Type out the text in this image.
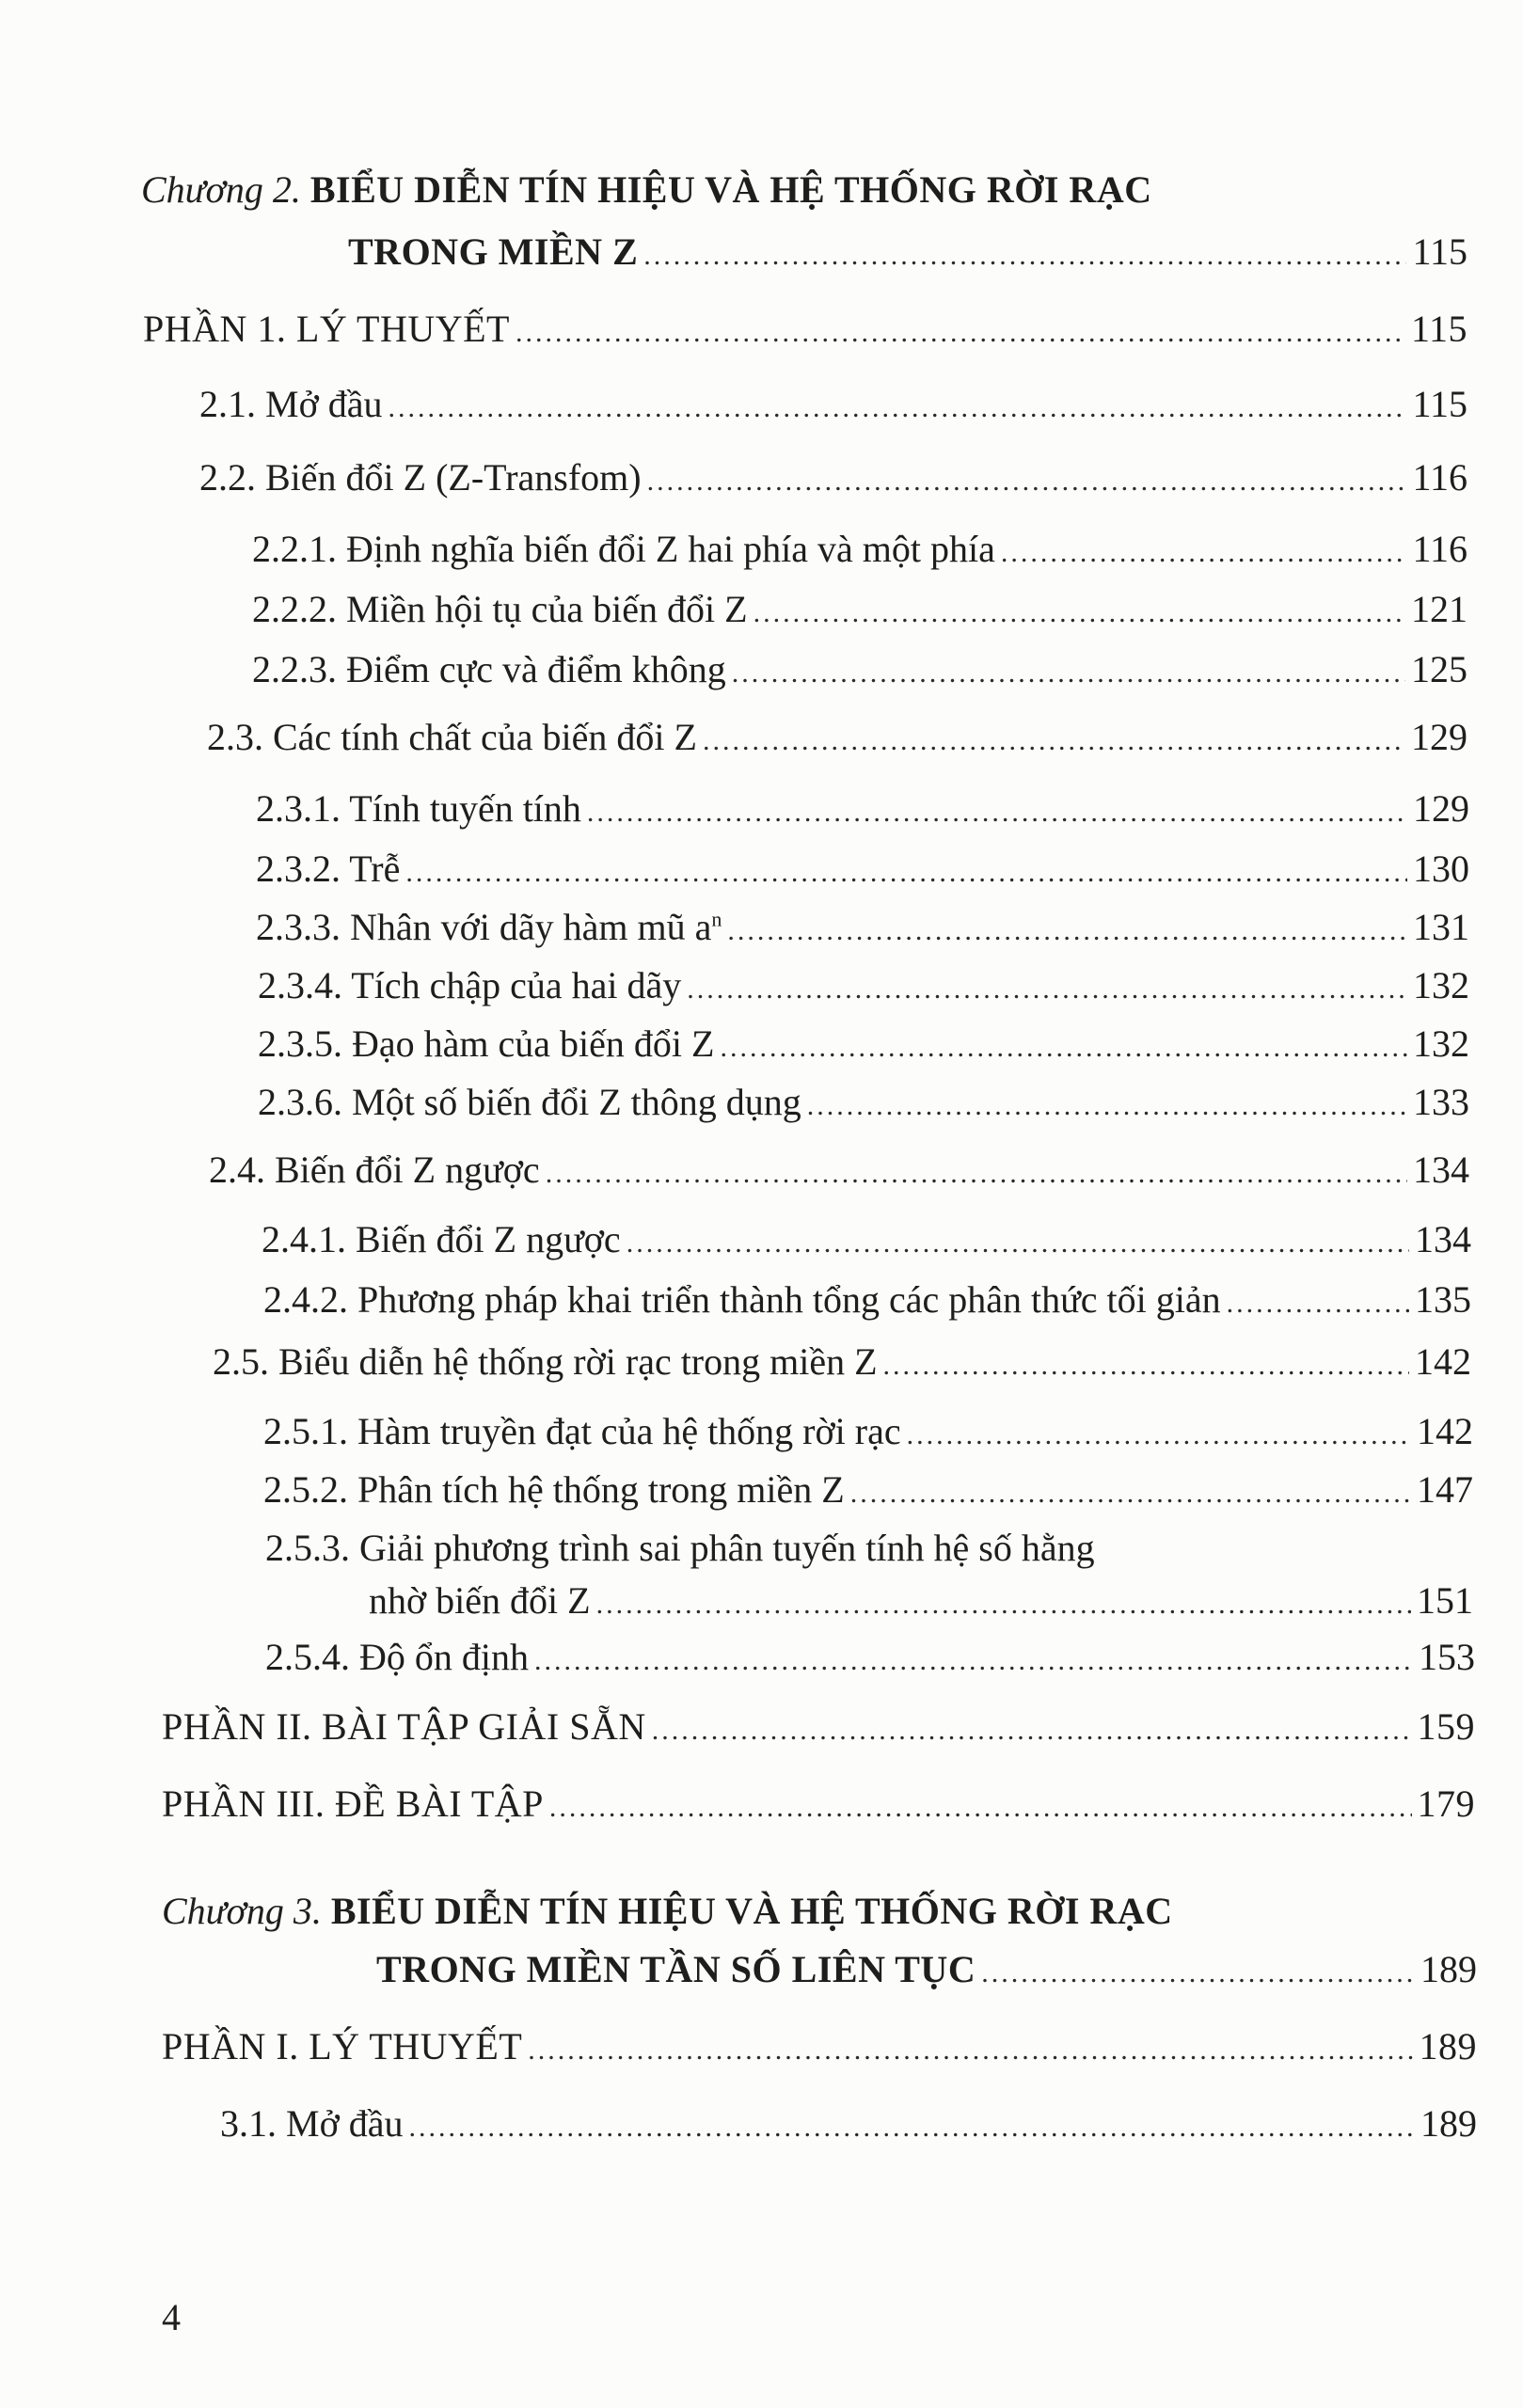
Chương 2. BIỂU DIỄN TÍN HIỆU VÀ HỆ THỐNG RỜI RẠC
TRONG MIỀN Z .....	115
PHẦN 1. LÝ THUYẾT .....	115
2.1. Mở đầu .....	115
2.2. Biến đổi Z (Z-Transfom) .....	116
2.2.1. Định nghĩa biến đổi Z hai phía và một phía .....	116
2.2.2. Miền hội tụ của biến đổi Z .....	121
2.2.3. Điểm cực và điểm không .....	125
2.3. Các tính chất của biến đổi Z .....	129
2.3.1. Tính tuyến tính .....	129
2.3.2. Trễ .....	130
2.3.3. Nhân với dãy hàm mũ $a^n$ .....	131
2.3.4. Tích chập của hai dãy .....	132
2.3.5. Đạo hàm của biến đổi Z .....	132
2.3.6. Một số biến đổi Z thông dụng .....	133
2.4. Biến đổi Z ngược .....	134
2.4.1. Biến đổi Z ngược .....	134
2.4.2. Phương pháp khai triển thành tổng các phân thức tối giản .....	135
2.5. Biểu diễn hệ thống rời rạc trong miền Z .....	142
2.5.1. Hàm truyền đạt của hệ thống rời rạc .....	142
2.5.2. Phân tích hệ thống trong miền Z .....	147
2.5.3. Giải phương trình sai phân tuyến tính hệ số hằng
nhờ biến đổi Z .....	151
2.5.4. Độ ổn định .....	153
PHẦN II. BÀI TẬP GIẢI SẴN .....	159
PHẦN III. ĐỀ BÀI TẬP .....	179
Chương 3. BIỂU DIỄN TÍN HIỆU VÀ HỆ THỐNG RỜI RẠC
TRONG MIỀN TẦN SỐ LIÊN TỤC .....	189
PHẦN I. LÝ THUYẾT .....	189
3.1. Mở đầu .....	189
4
